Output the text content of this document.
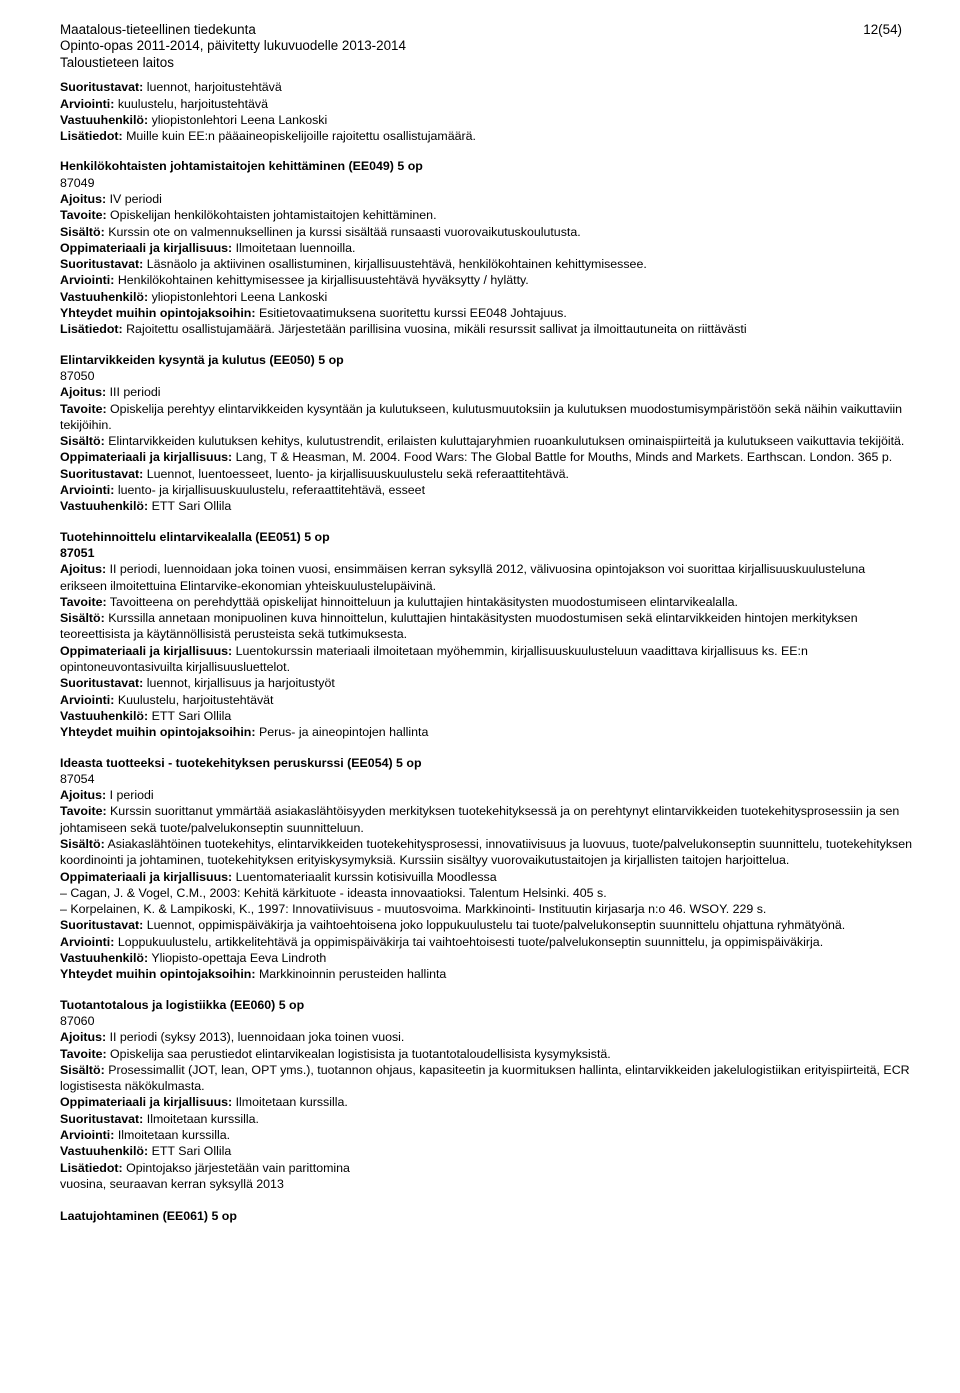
Maatalous-tieteellinen tiedekunta
Opinto-opas 2011-2014, päivitetty lukuvuodelle 2013-2014
Taloustieteen laitos
12(54)
Suoritustavat: luennot, harjoitustehtävä
Arviointi: kuulustelu, harjoitustehtävä
Vastuuhenkilö: yliopistonlehtori Leena Lankoski
Lisätiedot: Muille kuin EE:n pääaineopiskelijoille rajoitettu osallistujamäärä.
Henkilökohtaisten johtamistaitojen kehittäminen (EE049) 5 op
87049
Ajoitus: IV periodi
Tavoite: Opiskelijan henkilökohtaisten johtamistaitojen kehittäminen.
Sisältö: Kurssin ote on valmennuksellinen ja kurssi sisältää runsaasti vuorovaikutuskoulutusta.
Oppimateriaali ja kirjallisuus: Ilmoitetaan luennoilla.
Suoritustavat: Läsnäolo ja aktiivinen osallistuminen, kirjallisuustehtävä, henkilökohtainen kehittymisessee.
Arviointi: Henkilökohtainen kehittymisessee ja kirjallisuustehtävä hyväksytty / hylätty.
Vastuuhenkilö: yliopistonlehtori Leena Lankoski
Yhteydet muihin opintojaksoihin: Esitietovaatimuksena suoritettu kurssi EE048 Johtajuus.
Lisätiedot: Rajoitettu osallistujamäärä. Järjestetään parillisina vuosina, mikäli resurssit sallivat ja ilmoittautuneita on riittävästi
Elintarvikkeiden kysyntä ja kulutus (EE050) 5 op
87050
Ajoitus: III periodi
Tavoite: Opiskelija perehtyy elintarvikkeiden kysyntään ja kulutukseen, kulutusmuutoksiin ja kulutuksen muodostumisympäristöön sekä näihin vaikuttaviin tekijöihin.
Sisältö: Elintarvikkeiden kulutuksen kehitys, kulutustrendit, erilaisten kuluttajaryhmien ruoankulutuksen ominaispiirteitä ja kulutukseen vaikuttavia tekijöitä.
Oppimateriaali ja kirjallisuus: Lang, T & Heasman, M. 2004. Food Wars: The Global Battle for Mouths, Minds and Markets. Earthscan. London. 365 p.
Suoritustavat: Luennot, luentoesseet, luento- ja kirjallisuuskuulustelu sekä referaattitehtävä.
Arviointi: luento- ja kirjallisuuskuulustelu, referaattitehtävä, esseet
Vastuuhenkilö: ETT Sari Ollila
Tuotehinnoittelu elintarvikealalla (EE051) 5 op
87051
Ajoitus: II periodi, luennoidaan joka toinen vuosi, ensimmäisen kerran syksyllä 2012, välivuosina opintojakson voi suorittaa kirjallisuuskuulusteluna erikseen ilmoitettuina Elintarvike-ekonomian yhteiskuulustelupäivinä.
Tavoite: Tavoitteena on perehdyttää opiskelijat hinnoitteluun ja kuluttajien hintakäsitysten muodostumiseen elintarvikealalla.
Sisältö: Kurssilla annetaan monipuolinen kuva hinnoittelun, kuluttajien hintakäsitysten muodostumisen sekä elintarvikkeiden hintojen merkityksen teoreettisista ja käytännöllisistä perusteista sekä tutkimuksesta.
Oppimateriaali ja kirjallisuus: Luentokurssin materiaali ilmoitetaan myöhemmin, kirjallisuuskuulusteluun vaadittava kirjallisuus ks. EE:n opintoneuvontasivuilta kirjallisuusluettelot.
Suoritustavat: luennot, kirjallisuus ja harjoitustyöt
Arviointi: Kuulustelu, harjoitustehtävät
Vastuuhenkilö: ETT Sari Ollila
Yhteydet muihin opintojaksoihin: Perus- ja aineopintojen hallinta
Ideasta tuotteeksi - tuotekehityksen peruskurssi (EE054) 5 op
87054
Ajoitus: I periodi
Tavoite: Kurssin suorittanut ymmärtää asiakaslähtöisyyden merkityksen tuotekehityksessä ja on perehtynyt elintarvikkeiden tuotekehitysprosessiin ja sen johtamiseen sekä tuote/palvelukonseptin suunnitteluun.
Sisältö: Asiakaslähtöinen tuotekehitys, elintarvikkeiden tuotekehitysprosessi, innovatiivisuus ja luovuus, tuote/palvelukonseptin suunnittelu, tuotekehityksen koordinointi ja johtaminen, tuotekehityksen erityiskysymyksiä. Kurssiin sisältyy vuorovaikutustaitojen ja kirjallisten taitojen harjoittelua.
Oppimateriaali ja kirjallisuus: Luentomateriaalit kurssin kotisivuilla Moodlessa
– Cagan, J. & Vogel, C.M., 2003: Kehitä kärkituote - ideasta innovaatioksi. Talentum Helsinki. 405 s.
– Korpelainen, K. & Lampikoski, K., 1997: Innovatiivisuus - muutosvoima. Markkinointi- Instituutin kirjasarja n:o 46. WSOY. 229 s.
Suoritustavat: Luennot, oppimispäiväkirja ja vaihtoehtoisena joko loppukuulustelu tai tuote/palvelukonseptin suunnittelu ohjattuna ryhmätyönä.
Arviointi: Loppukuulustelu, artikkelitehtävä ja oppimispäiväkirja tai vaihtoehtoisesti tuote/palvelukonseptin suunnittelu, ja oppimispäiväkirja.
Vastuuhenkilö: Yliopisto-opettaja Eeva Lindroth
Yhteydet muihin opintojaksoihin: Markkinoinnin perusteiden hallinta
Tuotantotalous ja logistiikka (EE060) 5 op
87060
Ajoitus: II periodi (syksy 2013), luennoidaan joka toinen vuosi.
Tavoite: Opiskelija saa perustiedot elintarvikealan logistisista ja tuotantotaloudellisista kysymyksistä.
Sisältö: Prosessimallit (JOT, lean, OPT yms.), tuotannon ohjaus, kapasiteetin ja kuormituksen hallinta, elintarvikkeiden jakelulogistiikan erityispiirteitä, ECR logistisesta näkökulmasta.
Oppimateriaali ja kirjallisuus: Ilmoitetaan kurssilla.
Suoritustavat: Ilmoitetaan kurssilla.
Arviointi: Ilmoitetaan kurssilla.
Vastuuhenkilö: ETT Sari Ollila
Lisätiedot: Opintojakso järjestetään vain parittomina
vuosina, seuraavan kerran syksyllä 2013
Laatujohtaminen (EE061) 5 op
